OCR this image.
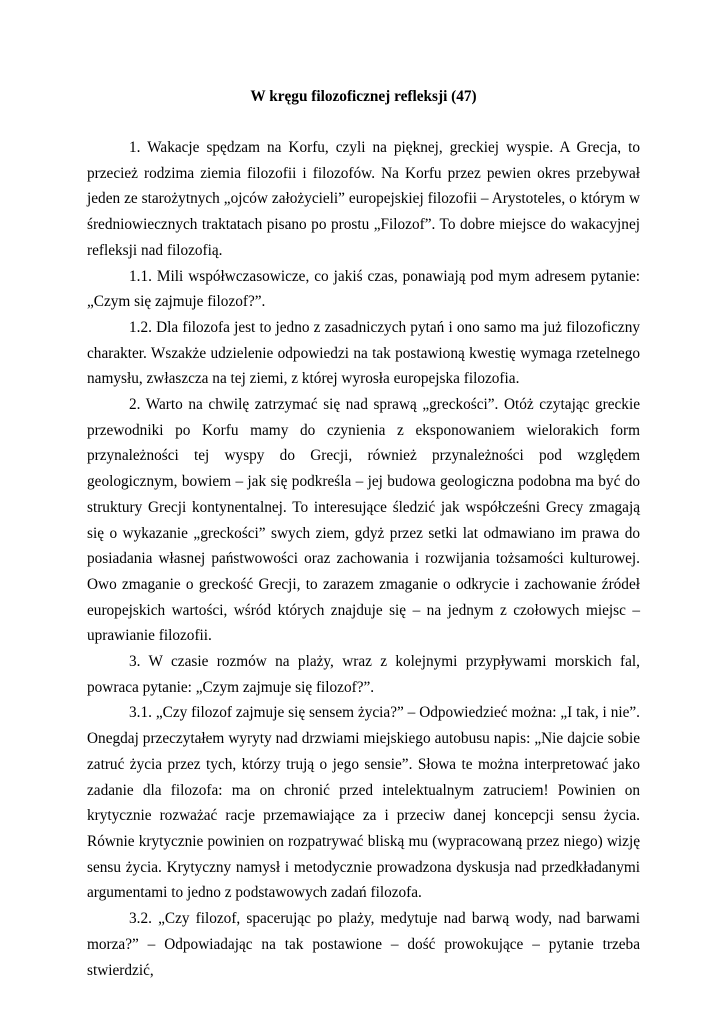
W kręgu filozoficznej refleksji (47)

1. Wakacje spędzam na Korfu, czyli na pięknej, greckiej wyspie. A Grecja, to przecież rodzima ziemia filozofii i filozofów. Na Korfu przez pewien okres przebywał jeden ze starożytnych „ojców założycieli” europejskiej filozofii – Arystoteles, o którym w średniowiecznych traktatach pisano po prostu „Filozof”. To dobre miejsce do wakacyjnej refleksji nad filozofią.

1.1. Mili współwczasowicze, co jakiś czas, ponawiają pod mym adresem pytanie: „Czym się zajmuje filozof?”.

1.2. Dla filozofa jest to jedno z zasadniczych pytań i ono samo ma już filozoficzny charakter. Wszakże udzielenie odpowiedzi na tak postawioną kwestię wymaga rzetelnego namysłu, zwłaszcza na tej ziemi, z której wyrosła europejska filozofia.

2. Warto na chwilę zatrzymać się nad sprawą „greckości”. Otóż czytając greckie przewodniki po Korfu mamy do czynienia z eksponowaniem wielorakich form przynależności tej wyspy do Grecji, również przynależności pod względem geologicznym, bowiem – jak się podkreśla – jej budowa geologiczna podobna ma być do struktury Grecji kontynentalnej. To interesujące śledzić jak współcześni Grecy zmagają się o wykazanie „greckości” swych ziem, gdyż przez setki lat odmawiano im prawa do posiadania własnej państwowości oraz zachowania i rozwijania tożsamości kulturowej. Owo zmaganie o greckość Grecji, to zarazem zmaganie o odkrycie i zachowanie źródeł europejskich wartości, wśród których znajduje się – na jednym z czołowych miejsc – uprawianie filozofii.

3. W czasie rozmów na plaży, wraz z kolejnymi przypływami morskich fal, powraca pytanie: „Czym zajmuje się filozof?”.

3.1. „Czy filozof zajmuje się sensem życia?” – Odpowiedzieć można: „I tak, i nie”. Onegdaj przeczytałem wyryty nad drzwiami miejskiego autobusu napis: „Nie dajcie sobie zatruć życia przez tych, którzy trują o jego sensie”. Słowa te można interpretować jako zadanie dla filozofa: ma on chronić przed intelektualnym zatruciem! Powinien on krytycznie rozważać racje przemawiające za i przeciw danej koncepcji sensu życia. Równie krytycznie powinien on rozpatrywać bliską mu (wypracowaną przez niego) wizję sensu życia. Krytyczny namysł i metodycznie prowadzona dyskusja nad przedkładanymi argumentami to jedno z podstawowych zadań filozofa.

3.2. „Czy filozof, spacerując po plaży, medytuje nad barwą wody, nad barwami morza?” – Odpowiadając na tak postawione – dość prowokujące – pytanie trzeba stwierdzić,
